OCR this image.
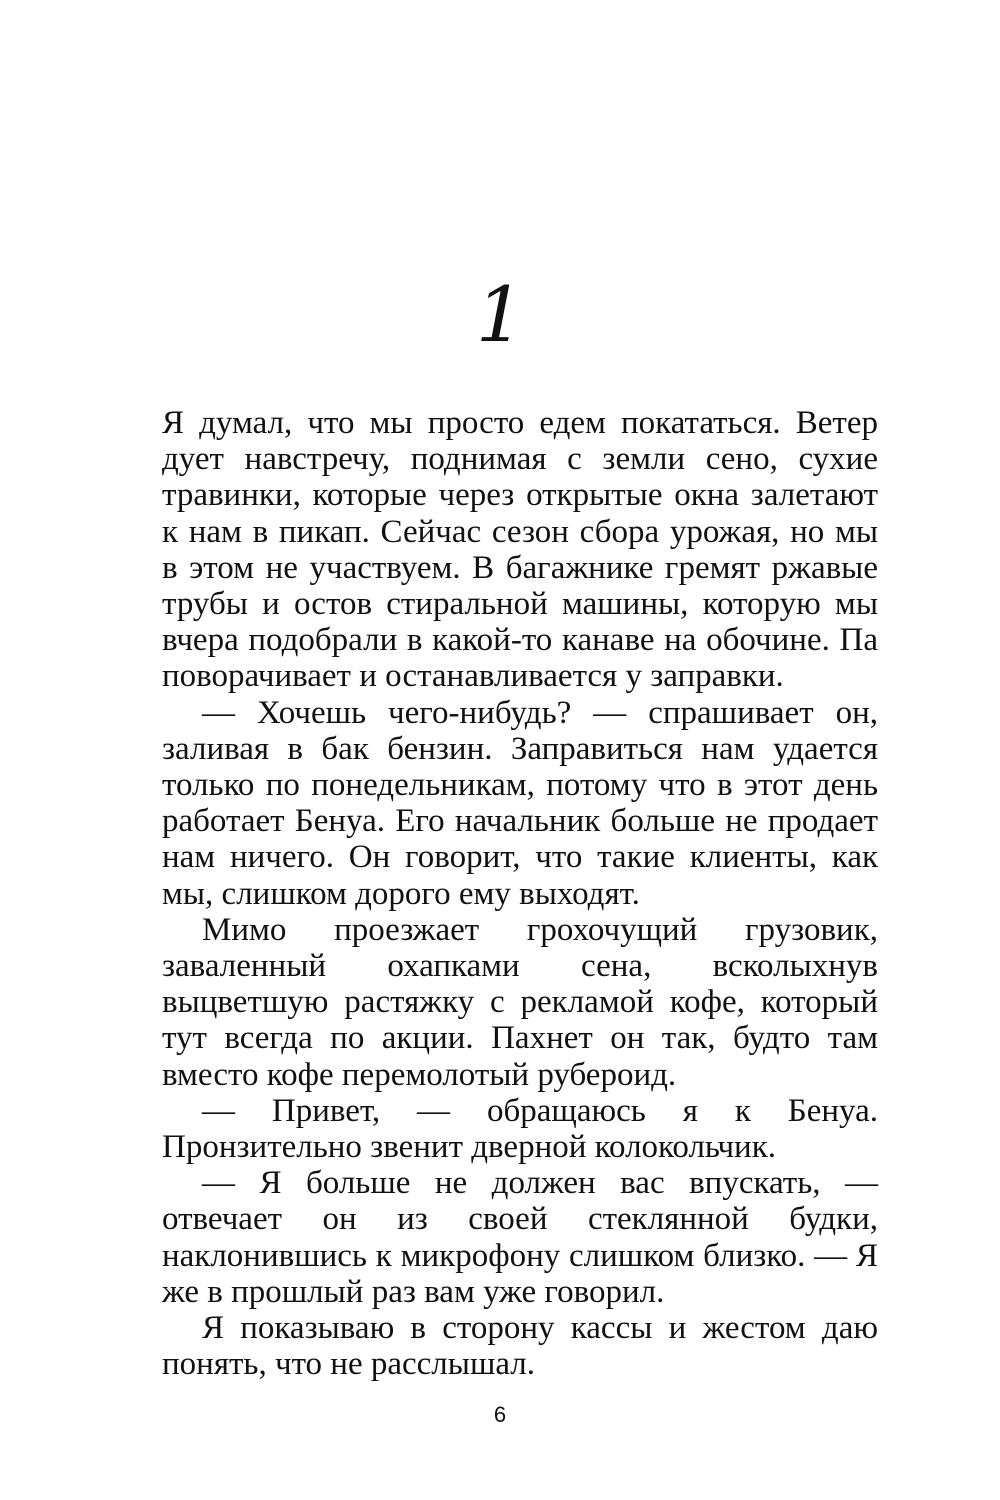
1

Я думал, что мы просто едем покататься. Ветер дует навстречу, поднимая с земли сено, сухие травинки, которые через открытые окна залетают к нам в пикап. Сейчас сезон сбора урожая, но мы в этом не участвуем. В багажнике гремят ржавые трубы и остов стиральной машины, которую мы вчера подобрали в какой-то канаве на обочине. Па поворачивает и останавливается у заправки.

— Хочешь чего-нибудь? — спрашивает он, заливая в бак бензин. Заправиться нам удается только по понедельникам, потому что в этот день работает Бенуа. Его начальник больше не продает нам ничего. Он говорит, что такие клиенты, как мы, слишком дорого ему выходят.

Мимо проезжает грохочущий грузовик, заваленный охапками сена, всколыхнув выцветшую растяжку с рекламой кофе, который тут всегда по акции. Пахнет он так, будто там вместо кофе перемолотый рубероид.

— Привет, — обращаюсь я к Бенуа. Пронзительно звенит дверной колокольчик.

— Я больше не должен вас впускать, — отвечает он из своей стеклянной будки, наклонившись к микрофону слишком близко. — Я же в прошлый раз вам уже говорил.

Я показываю в сторону кассы и жестом даю понять, что не расслышал.

6
